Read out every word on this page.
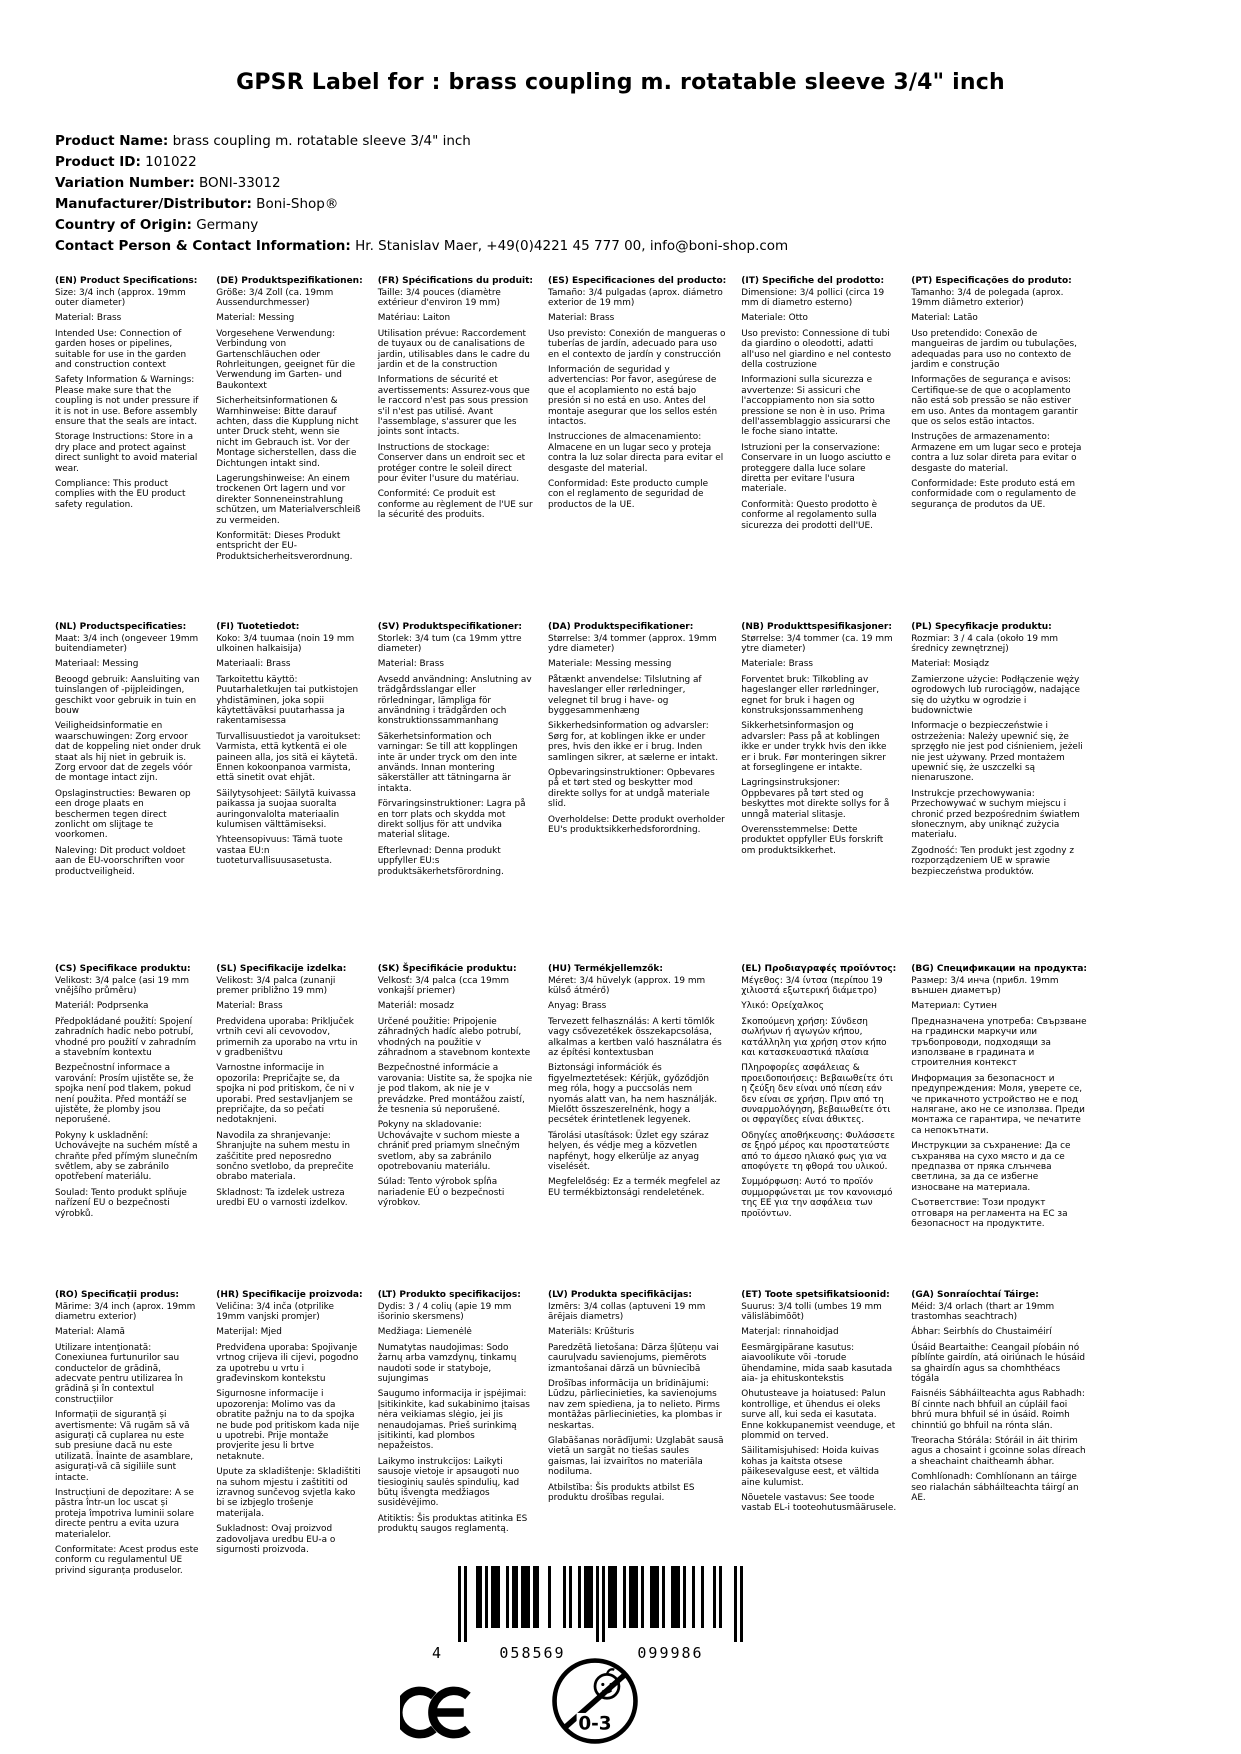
GPSR Label for : brass coupling m. rotatable sleeve 3/4" inch
Product Name: brass coupling m. rotatable sleeve 3/4" inch
Product ID: 101022
Variation Number: BONI-33012
Manufacturer/Distributor: Boni-Shop®
Country of Origin: Germany
Contact Person & Contact Information: Hr. Stanislav Maer, +49(0)4221 45 777 00, info@boni-shop.com
(EN) Product Specifications:

Size: 3/4 inch (approx. 19mm outer diameter)

Material: Brass

Intended Use: Connection of garden hoses or pipelines, suitable for use in the garden and construction context

Safety Information & Warnings: Please make sure that the coupling is not under pressure if it is not in use. Before assembly ensure that the seals are intact.

Storage Instructions: Store in a dry place and protect against direct sunlight to avoid material wear.

Compliance: This product complies with the EU product safety regulation.

(DE) Produktspezifikationen:

Größe: 3/4 Zoll (ca. 19mm Aussendurchmesser)

Material: Messing

Vorgesehene Verwendung: Verbindung von Gartenschläuchen oder Rohrleitungen, geeignet für die Verwendung im Garten- und Baukontext

Sicherheitsinformationen & Warnhinweise: Bitte darauf achten, dass die Kupplung nicht unter Druck steht, wenn sie nicht im Gebrauch ist. Vor der Montage sicherstellen, dass die Dichtungen intakt sind.

Lagerungshinweise: An einem trockenen Ort lagern und vor direkter Sonneneinstrahlung schützen, um Materialverschleiß zu vermeiden.

Konformität: Dieses Produkt entspricht der EU-Produktsicherheitsverordnung.

(FR) Spécifications du produit:

Taille: 3/4 pouces (diamètre extérieur d'environ 19 mm)

Matériau: Laiton

Utilisation prévue: Raccordement de tuyaux ou de canalisations de jardin, utilisables dans le cadre du jardin et de la construction

Informations de sécurité et avertissements: Assurez-vous que le raccord n'est pas sous pression s'il n'est pas utilisé. Avant l'assemblage, s'assurer que les joints sont intacts.

Instructions de stockage: Conserver dans un endroit sec et protéger contre le soleil direct pour éviter l'usure du matériau.

Conformité: Ce produit est conforme au règlement de l'UE sur la sécurité des produits.

(ES) Especificaciones del producto:

Tamaño: 3/4 pulgadas (aprox. diámetro exterior de 19 mm)

Material: Brass

Uso previsto: Conexión de mangueras o tuberías de jardín, adecuado para uso en el contexto de jardín y construcción

Información de seguridad y advertencias: Por favor, asegúrese de que el acoplamiento no está bajo presión si no está en uso. Antes del montaje asegurar que los sellos estén intactos.

Instrucciones de almacenamiento: Almacene en un lugar seco y proteja contra la luz solar directa para evitar el desgaste del material.

Conformidad: Este producto cumple con el reglamento de seguridad de productos de la UE.

(IT) Specifiche del prodotto:

Dimensione: 3/4 pollici (circa 19 mm di diametro esterno)

Materiale: Otto

Uso previsto: Connessione di tubi da giardino o oleodotti, adatti all'uso nel giardino e nel contesto della costruzione

Informazioni sulla sicurezza e avvertenze: Si assicuri che l'accoppiamento non sia sotto pressione se non è in uso. Prima dell'assemblaggio assicurarsi che le foche siano intatte.

Istruzioni per la conservazione: Conservare in un luogo asciutto e proteggere dalla luce solare diretta per evitare l'usura materiale.

Conformità: Questo prodotto è conforme al regolamento sulla sicurezza dei prodotti dell'UE.

(PT) Especificações do produto:

Tamanho: 3/4 de polegada (aprox. 19mm diâmetro exterior)

Material: Latão

Uso pretendido: Conexão de mangueiras de jardim ou tubulações, adequadas para uso no contexto de jardim e construção

Informações de segurança e avisos: Certifique-se de que o acoplamento não está sob pressão se não estiver em uso. Antes da montagem garantir que os selos estão intactos.

Instruções de armazenamento: Armazene em um lugar seco e proteja contra a luz solar direta para evitar o desgaste do material.

Conformidade: Este produto está em conformidade com o regulamento de segurança de produtos da UE.

(NL) Productspecificaties:

Maat: 3/4 inch (ongeveer 19mm buitendiameter)

Materiaal: Messing

Beoogd gebruik: Aansluiting van tuinslangen of -pijpleidingen, geschikt voor gebruik in tuin en bouw

Veiligheidsinformatie en waarschuwingen: Zorg ervoor dat de koppeling niet onder druk staat als hij niet in gebruik is. Zorg ervoor dat de zegels vóór de montage intact zijn.

Opslaginstructies: Bewaren op een droge plaats en beschermen tegen direct zonlicht om slijtage te voorkomen.

Naleving: Dit product voldoet aan de EU-voorschriften voor productveiligheid.

(FI) Tuotetiedot:

Koko: 3/4 tuumaa (noin 19 mm ulkoinen halkaisija)

Materiaali: Brass

Tarkoitettu käyttö: Puutarhaletkujen tai putkistojen yhdistäminen, joka sopii käytettäväksi puutarhassa ja rakentamisessa

Turvallisuustiedot ja varoitukset: Varmista, että kytkentä ei ole paineen alla, jos sitä ei käytetä. Ennen kokoonpanoa varmista, että sinetit ovat ehjät.

Säilytysohjeet: Säilytä kuivassa paikassa ja suojaa suoralta auringonvalolta materiaalin kulumisen välttämiseksi.

Yhteensopivuus: Tämä tuote vastaa EU:n tuoteturvallisuusasetusta.

(SV) Produktspecifikationer:

Storlek: 3/4 tum (ca 19mm yttre diameter)

Material: Brass

Avsedd användning: Anslutning av trädgårdsslangar eller rörledningar, lämpliga för användning i trädgården och konstruktionssammanhang

Säkerhetsinformation och varningar: Se till att kopplingen inte är under tryck om den inte används. Innan montering säkerställer att tätningarna är intakta.

Förvaringsinstruktioner: Lagra på en torr plats och skydda mot direkt solljus för att undvika material slitage.

Efterlevnad: Denna produkt uppfyller EU:s produktsäkerhetsförordning.

(DA) Produktspecifikationer:

Størrelse: 3/4 tommer (approx. 19mm ydre diameter)

Materiale: Messing messing

Påtænkt anvendelse: Tilslutning af haveslanger eller rørledninger, velegnet til brug i have- og byggesammenhæng

Sikkerhedsinformation og advarsler: Sørg for, at koblingen ikke er under pres, hvis den ikke er i brug. Inden samlingen sikrer, at sælerne er intakt.

Opbevaringsinstruktioner: Opbevares på et tørt sted og beskytter mod direkte sollys for at undgå materiale slid.

Overholdelse: Dette produkt overholder EU's produktsikkerhedsforordning.

(NB) Produkttspesifikasjoner:

Størrelse: 3/4 tommer (ca. 19 mm ytre diameter)

Materiale: Brass

Forventet bruk: Tilkobling av hageslanger eller rørledninger, egnet for bruk i hagen og konstruksjonssammenheng

Sikkerhetsinformasjon og advarsler: Pass på at koblingen ikke er under trykk hvis den ikke er i bruk. Før monteringen sikrer at forseglingene er intakte.

Lagringsinstruksjoner: Oppbevares på tørt sted og beskyttes mot direkte sollys for å unngå material slitasje.

Overensstemmelse: Dette produktet oppfyller EUs forskrift om produktsikkerhet.

(PL) Specyfikacje produktu:

Rozmiar: 3 / 4 cala (około 19 mm średnicy zewnętrznej)

Materiał: Mosiądz

Zamierzone użycie: Podłączenie węży ogrodowych lub rurociągów, nadające się do użytku w ogrodzie i budownictwie

Informacje o bezpieczeństwie i ostrzeżenia: Należy upewnić się, że sprzęgło nie jest pod ciśnieniem, jeżeli nie jest używany. Przed montażem upewnić się, że uszczelki są nienaruszone.

Instrukcje przechowywania: Przechowywać w suchym miejscu i chronić przed bezpośrednim światłem słonecznym, aby uniknąć zużycia materiału.

Zgodność: Ten produkt jest zgodny z rozporządzeniem UE w sprawie bezpieczeństwa produktów.

(CS) Specifikace produktu:

Velikost: 3/4 palce (asi 19 mm vnějšího průměru)

Materiál: Podprsenka

Předpokládané použití: Spojení zahradních hadic nebo potrubí, vhodné pro použití v zahradním a stavebním kontextu

Bezpečnostní informace a varování: Prosím ujistěte se, že spojka není pod tlakem, pokud není použita. Před montáží se ujistěte, že plomby jsou neporušené.

Pokyny k uskladnění: Uchovávejte na suchém místě a chraňte před přímým slunečním světlem, aby se zabránilo opotřebení materiálu.

Soulad: Tento produkt splňuje nařízení EU o bezpečnosti výrobků.

(SL) Specifikacije izdelka:

Velikost: 3/4 palca (zunanji premer približno 19 mm)

Material: Brass

Predvidena uporaba: Priključek vrtnih cevi ali cevovodov, primernih za uporabo na vrtu in v gradbeništvu

Varnostne informacije in opozorila: Prepričajte se, da spojka ni pod pritiskom, če ni v uporabi. Pred sestavljanjem se prepričajte, da so pečati nedotaknjeni.

Navodila za shranjevanje: Shranjujte na suhem mestu in zaščitite pred neposredno sončno svetlobo, da preprečite obrabo materiala.

Skladnost: Ta izdelek ustreza uredbi EU o varnosti izdelkov.

(SK) Špecifikácie produktu:

Velkosť: 3/4 palca (cca 19mm vonkajší priemer)

Materiál: mosadz

Určené použitie: Pripojenie záhradných hadíc alebo potrubí, vhodných na použitie v záhradnom a stavebnom kontexte

Bezpečnostné informácie a varovania: Uistite sa, že spojka nie je pod tlakom, ak nie je v prevádzke. Pred montážou zaistí, že tesnenia sú neporušené.

Pokyny na skladovanie: Uchovávajte v suchom mieste a chrániť pred priamym slnečným svetlom, aby sa zabránilo opotrebovaniu materiálu.

Súlad: Tento výrobok spĺňa nariadenie EÚ o bezpečnosti výrobkov.

(HU) Termékjellemzők:

Méret: 3/4 hüvelyk (approx. 19 mm külső átmérő)

Anyag: Brass

Tervezett felhasználás: A kerti tömlők vagy csővezetékek összekapcsolása, alkalmas a kertben való használatra és az építési kontextusban

Biztonsági információk és figyelmeztetések: Kérjük, győződjön meg róla, hogy a puccsolás nem nyomás alatt van, ha nem használják. Mielőtt összeszerelnénk, hogy a pecsétek érintetlenek legyenek.

Tárolási utasítások: Üzlet egy száraz helyen, és védje meg a közvetlen napfényt, hogy elkerülje az anyag viselését.

Megfelelőség: Ez a termék megfelel az EU termékbiztonsági rendeletének.

(EL) Προδιαγραφές προϊόντος:

Μέγεθος: 3/4 ίντσα (περίπου 19 χιλιοστά εξωτερική διάμετρο)

Υλικό: Ορείχαλκος

Σκοπούμενη χρήση: Σύνδεση σωλήνων ή αγωγών κήπου, κατάλληλη για χρήση στον κήπο και κατασκευαστικά πλαίσια

Πληροφορίες ασφάλειας & προειδοποιήσεις: Βεβαιωθείτε ότι η ζεύξη δεν είναι υπό πίεση εάν δεν είναι σε χρήση. Πριν από τη συναρμολόγηση, βεβαιωθείτε ότι οι σφραγίδες είναι άθικτες.

Οδηγίες αποθήκευσης: Φυλάσσετε σε ξηρό μέρος και προστατεύστε από το άμεσο ηλιακό φως για να αποφύγετε τη φθορά του υλικού.

Συμμόρφωση: Αυτό το προϊόν συμμορφώνεται με τον κανονισμό της ΕΕ για την ασφάλεια των προϊόντων.

(BG) Спецификации на продукта:

Размер: 3/4 инча (прибл. 19mm външен диаметър)

Материал: Сутиен

Предназначена употреба: Свързване на градински маркучи или тръбопроводи, подходящи за използване в градината и строителния контекст

Информация за безопасност и предупреждения: Моля, уверете се, че прикачното устройство не е под налягане, ако не се използва. Преди монтажа се гарантира, че печатите са непокътнати.

Инструкции за съхранение: Да се съхранява на сухо място и да се предпазва от пряка слънчева светлина, за да се избегне износване на материала.

Съответствие: Този продукт отговаря на регламента на ЕС за безопасност на продуктите.

(RO) Specificații produs:

Mărime: 3/4 inch (aprox. 19mm diametru exterior)

Material: Alamă

Utilizare intenționată: Conexiunea furtunurilor sau conductelor de grădină, adecvate pentru utilizarea în grădină și în contextul construcțiilor

Informații de siguranță și avertismente: Vă rugăm să vă asigurați că cuplarea nu este sub presiune dacă nu este utilizată. Înainte de asamblare, asigurați-vă că sigiliile sunt intacte.

Instrucțiuni de depozitare: A se păstra într-un loc uscat și proteja împotriva luminii solare directe pentru a evita uzura materialelor.

Conformitate: Acest produs este conform cu regulamentul UE privind siguranța produselor.

(HR) Specifikacije proizvoda:

Veličina: 3/4 inča (otprilike 19mm vanjski promjer)

Materijal: Mjed

Predviđena uporaba: Spojivanje vrtnog crijeva ili cijevi, pogodno za upotrebu u vrtu i građevinskom kontekstu

Sigurnosne informacije i upozorenja: Molimo vas da obratite pažnju na to da spojka ne bude pod pritiskom kada nije u upotrebi. Prije montaže provjerite jesu li brtve netaknute.

Upute za skladištenje: Skladištiti na suhom mjestu i zaštititi od izravnog sunčevog svjetla kako bi se izbjeglo trošenje materijala.

Sukladnost: Ovaj proizvod zadovoljava uredbu EU-a o sigurnosti proizvoda.

(LT) Produkto specifikacijos:

Dydis: 3 / 4 colių (apie 19 mm išorinio skersmens)

Medžiaga: Liemenėlė

Numatytas naudojimas: Sodo žarnų arba vamzdynų, tinkamų naudoti sode ir statyboje, sujungimas

Saugumo informacija ir įspėjimai: Įsitikinkite, kad sukabinimo įtaisas nėra veikiamas slėgio, jei jis nenaudojamas. Prieš surinkimą įsitikinti, kad plombos nepažeistos.

Laikymo instrukcijos: Laikyti sausoje vietoje ir apsaugoti nuo tiesioginių saulės spindulių, kad būtų išvengta medžiagos susidėvėjimo.

Atitiktis: Šis produktas atitinka ES produktų saugos reglamentą.

(LV) Produkta specifikācijas:

Izmērs: 3/4 collas (aptuveni 19 mm ārējais diametrs)

Materiāls: Krūšturis

Paredzētā lietošana: Dārza šļūteņu vai cauruļvadu savienojums, piemērots izmantošanai dārzā un būvniecībā

Drošības informācija un brīdinājumi: Lūdzu, pārliecinieties, ka savienojums nav zem spiediena, ja to nelieto. Pirms montāžas pārliecinieties, ka plombas ir neskartas.

Glabāšanas norādījumi: Uzglabāt sausā vietā un sargāt no tiešas saules gaismas, lai izvairītos no materiāla nodiluma.

Atbilstība: Šis produkts atbilst ES produktu drošības regulai.

(ET) Toote spetsifikatsioonid:

Suurus: 3/4 tolli (umbes 19 mm välisläbimõõt)

Materjal: rinnahoidjad

Eesmärgipärane kasutus: aiavoolikute või -torude ühendamine, mida saab kasutada aia- ja ehituskontekstis

Ohutusteave ja hoiatused: Palun kontrollige, et ühendus ei oleks surve all, kui seda ei kasutata. Enne kokkupanemist veenduge, et plommid on terved.

Säilitamisjuhised: Hoida kuivas kohas ja kaitsta otsese päikesevalguse eest, et vältida aine kulumist.

Nõuetele vastavus: See toode vastab EL-i tooteohutusmäärusele.

(GA) Sonraíochtaí Táirge:

Méid: 3/4 orlach (thart ar 19mm trastomhas seachtrach)

Ábhar: Seirbhís do Chustaiméirí

Úsáid Beartaithe: Ceangail píobáin nó píblínte gairdín, atá oiriúnach le húsáid sa ghairdín agus sa chomhthéacs tógála

Faisnéis Sábháilteachta agus Rabhadh: Bí cinnte nach bhfuil an cúpláil faoi bhrú mura bhfuil sé in úsáid. Roimh chinntiú go bhfuil na rónta slán.

Treoracha Stórála: Stóráil in áit thirim agus a chosaint i gcoinne solas díreach a sheachaint chaitheamh ábhar.

Comhlíonadh: Comhlíonann an táirge seo rialachán sábháilteachta táirgí an AE.

4	058569	099986
0-3
